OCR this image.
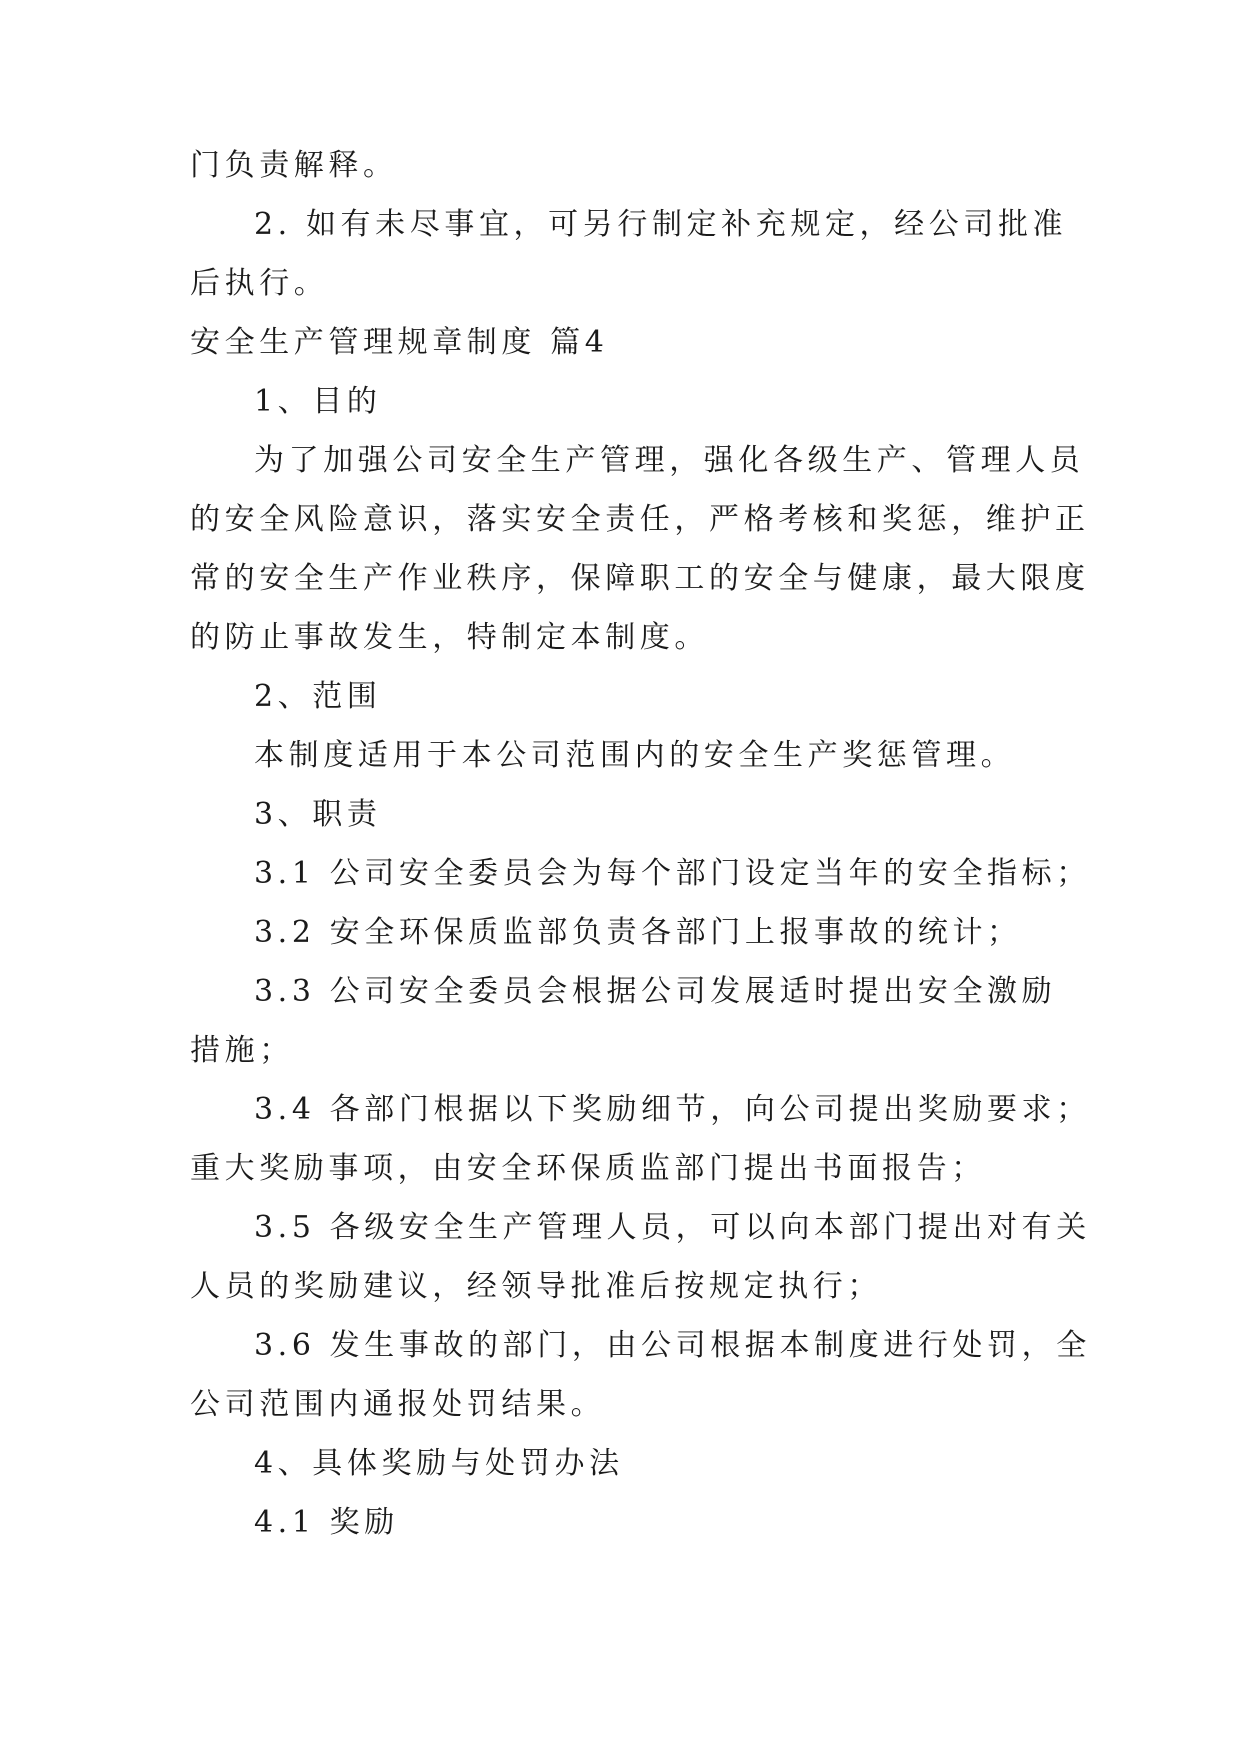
门负责解释。
2. 如有未尽事宜，可另行制定补充规定，经公司批准
后执行。
安全生产管理规章制度 篇4
1、目的
为了加强公司安全生产管理，强化各级生产、管理人员
的安全风险意识，落实安全责任，严格考核和奖惩，维护正
常的安全生产作业秩序，保障职工的安全与健康，最大限度
的防止事故发生，特制定本制度。
2、范围
本制度适用于本公司范围内的安全生产奖惩管理。
3、职责
3.1 公司安全委员会为每个部门设定当年的安全指标；
3.2 安全环保质监部负责各部门上报事故的统计；
3.3 公司安全委员会根据公司发展适时提出安全激励
措施；
3.4 各部门根据以下奖励细节，向公司提出奖励要求；
重大奖励事项，由安全环保质监部门提出书面报告；
3.5 各级安全生产管理人员，可以向本部门提出对有关
人员的奖励建议，经领导批准后按规定执行；
3.6 发生事故的部门，由公司根据本制度进行处罚，全
公司范围内通报处罚结果。
4、具体奖励与处罚办法
4.1 奖励
